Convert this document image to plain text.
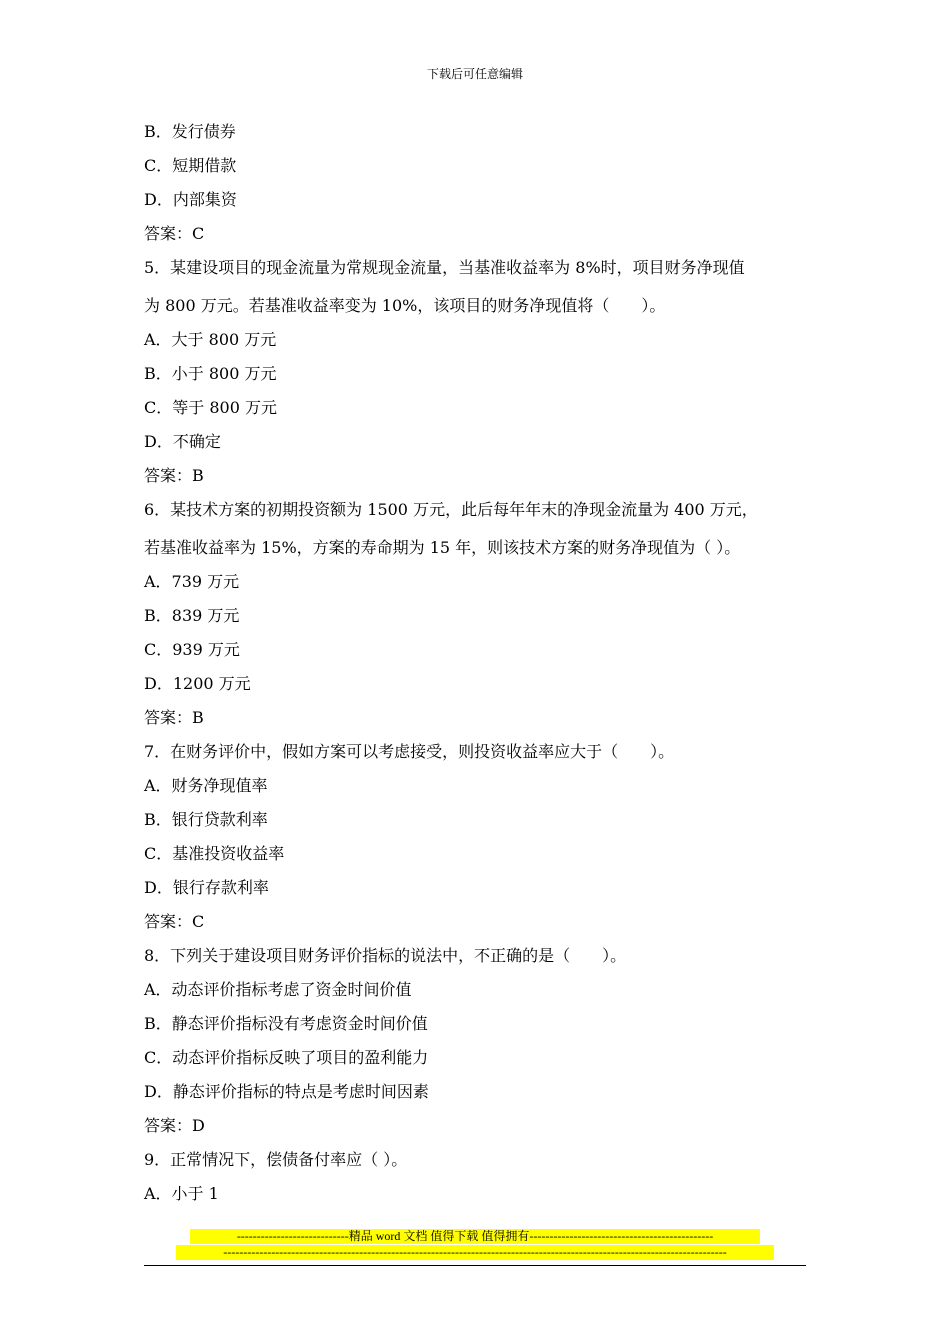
下载后可任意编辑
B．发行债券
C．短期借款
D．内部集资
答案：C
5．某建设项目的现金流量为常规现金流量，当基准收益率为 8%时，项目财务净现值
为 800 万元。若基准收益率变为 10%，该项目的财务净现值将（　　）。
A．大于 800 万元
B．小于 800 万元
C．等于 800 万元
D．不确定
答案：B
6．某技术方案的初期投资额为 1500 万元，此后每年年末的净现金流量为 400 万元，
若基准收益率为 15%，方案的寿命期为 15 年，则该技术方案的财务净现值为（ ）。
A．739 万元
B．839 万元
C．939 万元
D．1200 万元
答案：B
7．在财务评价中，假如方案可以考虑接受，则投资收益率应大于（　　）。
A．财务净现值率
B．银行贷款利率
C．基准投资收益率
D．银行存款利率
答案：C
8．下列关于建设项目财务评价指标的说法中，不正确的是（　　）。
A．动态评价指标考虑了资金时间价值
B．静态评价指标没有考虑资金时间价值
C．动态评价指标反映了项目的盈利能力
D．静态评价指标的特点是考虑时间因素
答案：D
9．正常情况下，偿债备付率应（ ）。
A．小于 1
----------------------------精品 word 文档 值得下载 值得拥有----------------------------------------------
------------------------------------------------------------------------------------------------------------------------------
